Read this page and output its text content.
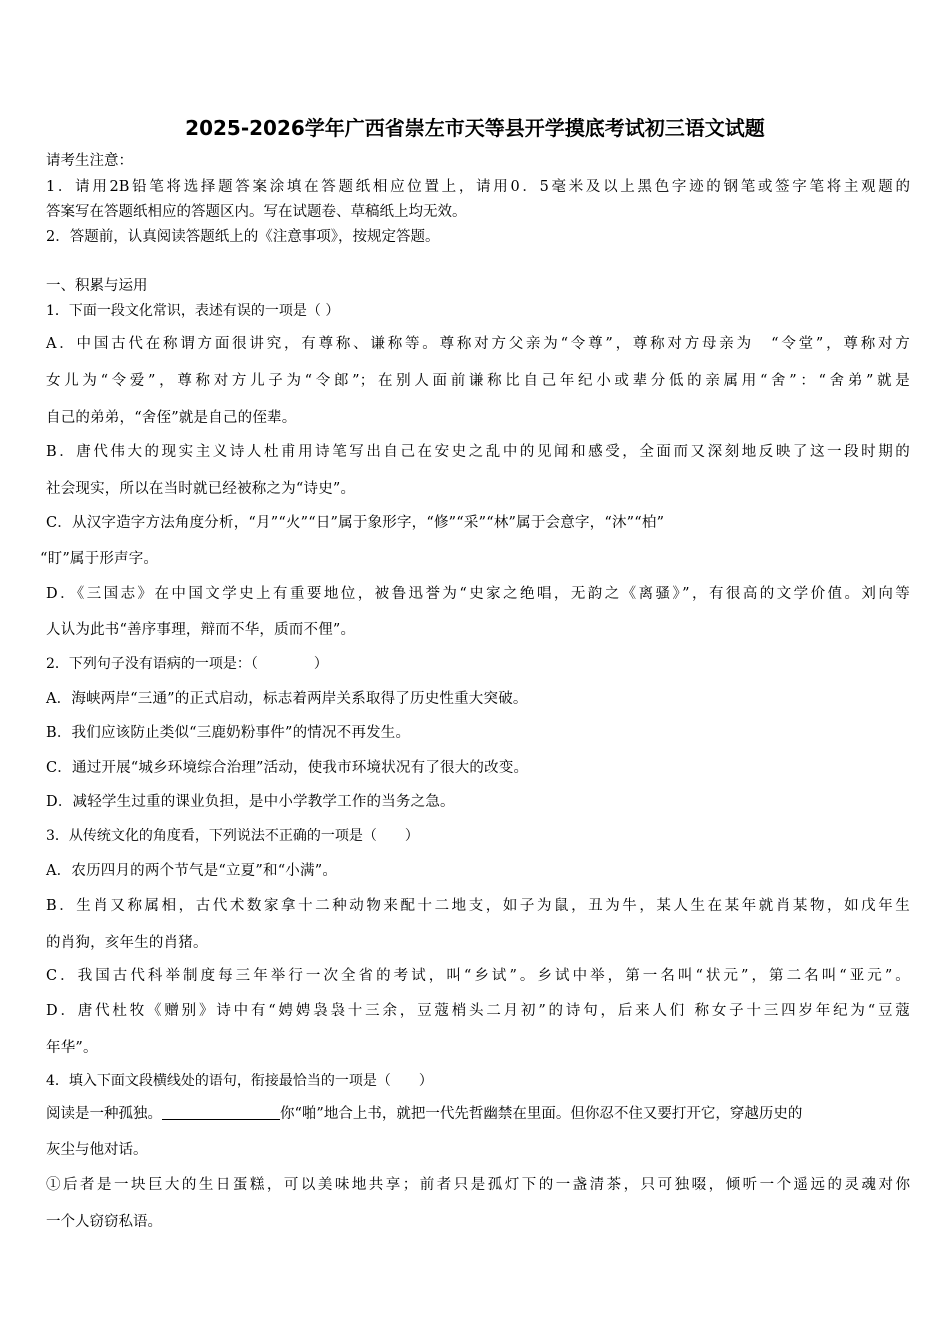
2025-2026学年广西省崇左市天等县开学摸底考试初三语文试题
请考生注意：
1．请用2B铅笔将选择题答案涂填在答题纸相应位置上，请用0．5毫米及以上黑色字迹的钢笔或签字笔将主观题的
答案写在答题纸相应的答题区内。写在试题卷、草稿纸上均无效。
2．答题前，认真阅读答题纸上的《注意事项》，按规定答题。
一、积累与运用
1．下面一段文化常识，表述有误的一项是（ ）
A．中国古代在称谓方面很讲究，有尊称、谦称等。尊称对方父亲为“令尊”，尊称对方母亲为　“令堂”，尊称对方
女儿为“令爱”，尊称对方儿子为“令郎”；在别人面前谦称比自己年纪小或辈分低的亲属用“舍”：“舍弟”就是
自己的弟弟，“舍侄”就是自己的侄辈。
B．唐代伟大的现实主义诗人杜甫用诗笔写出自己在安史之乱中的见闻和感受，全面而又深刻地反映了这一段时期的
社会现实，所以在当时就已经被称之为“诗史”。
C．从汉字造字方法角度分析，“月”“火”“日”属于象形字，“修”“采”“林”属于会意字，“沐”“柏”
“盯”属于形声字。
D．《三国志》在中国文学史上有重要地位，被鲁迅誉为“史家之绝唱，无韵之《离骚》”，有很高的文学价值。刘向等
人认为此书“善序事理，辩而不华，质而不俚”。
2．下列句子没有语病的一项是：（　　　　）
A．海峡两岸“三通”的正式启动，标志着两岸关系取得了历史性重大突破。
B．我们应该防止类似“三鹿奶粉事件”的情况不再发生。
C．通过开展“城乡环境综合治理”活动，使我市环境状况有了很大的改变。
D．减轻学生过重的课业负担，是中小学教学工作的当务之急。
3．从传统文化的角度看，下列说法不正确的一项是（　　）
A．农历四月的两个节气是“立夏”和“小满”。
B．生肖又称属相，古代术数家拿十二种动物来配十二地支，如子为鼠，丑为牛，某人生在某年就肖某物，如戊年生
的肖狗，亥年生的肖猪。
C．我国古代科举制度每三年举行一次全省的考试，叫“乡试”。乡试中举，第一名叫“状元”，第二名叫“亚元”。
D．唐代杜牧《赠别》诗中有“娉娉袅袅十三余，豆蔻梢头二月初”的诗句，后来人们 称女子十三四岁年纪为“豆蔻
年华”。
4．填入下面文段横线处的语句，衔接最恰当的一项是（　　）
阅读是一种孤独。	你“啪”地合上书，就把一代先哲幽禁在里面。但你忍不住又要打开它，穿越历史的
灰尘与他对话。
①后者是一块巨大的生日蛋糕，可以美味地共享；前者只是孤灯下的一盏清茶，只可独啜，倾听一个遥远的灵魂对你
一个人窃窃私语。
